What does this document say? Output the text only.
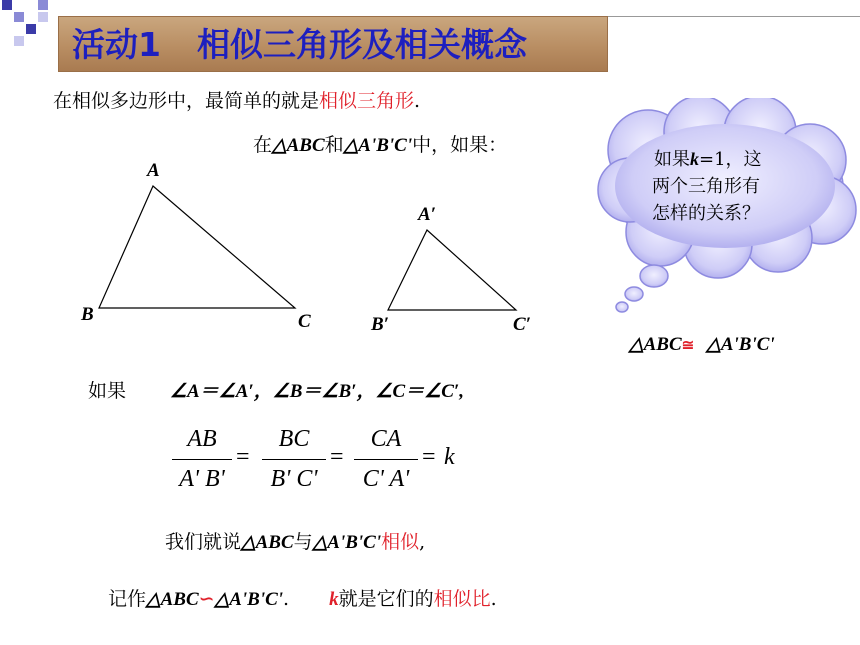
活动1 相似三角形及相关概念
在相似多边形中，最简单的就是相似三角形.
在△ABC和△A'B'C'中，如果：
A
B	C
A′
B′	C′
如果k=1，这
两个三角形有
怎样的关系？
△ABC≅ △A'B'C'
如果 ∠A＝∠A′，∠B＝∠B′，∠C＝∠C′,
AB
A' B'
=
BC
B' C'
=
CA
C' A'
= k
我们就说△ABC与△A'B'C'相似,
记作△ABC∽△A'B'C'. k就是它们的相似比.
